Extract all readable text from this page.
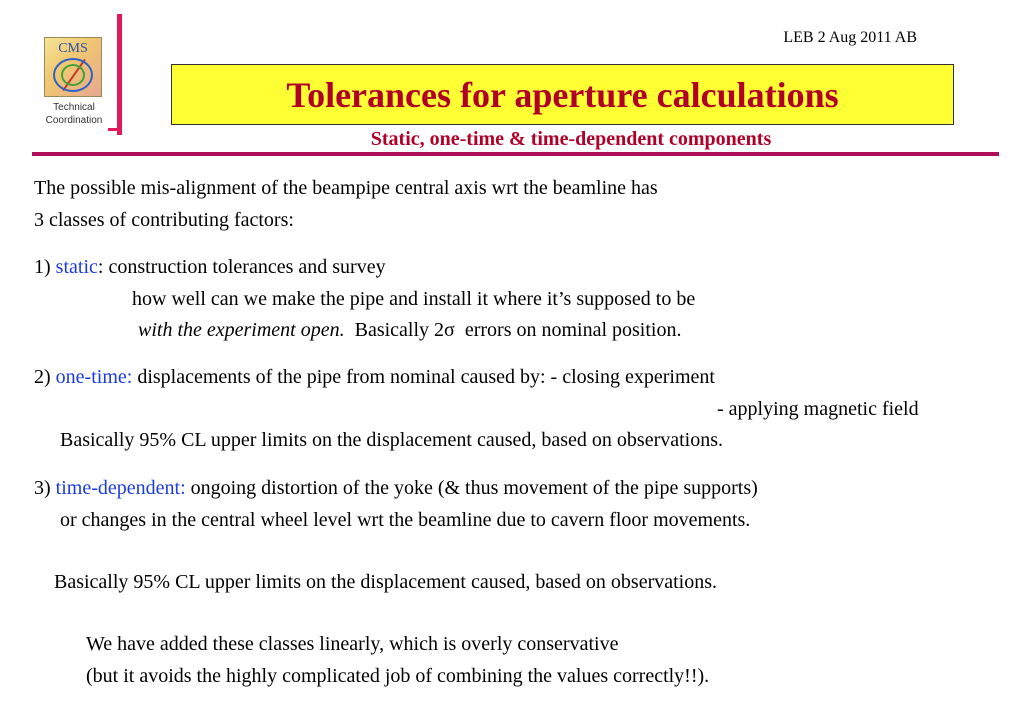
CMS
Technical
Coordination
LEB 2 Aug 2011 AB
Tolerances for aperture calculations
Static, one-time & time-dependent components
The possible mis-alignment of the beampipe central axis wrt the beamline has
3 classes of contributing factors:
1) static: construction tolerances and survey
how well can we make the pipe and install it where it’s supposed to be
with the experiment open.  Basically 2σ  errors on nominal position.
2) one-time: displacements of the pipe from nominal caused by: - closing experiment
- applying magnetic field
Basically 95% CL upper limits on the displacement caused, based on observations.
3) time-dependent: ongoing distortion of the yoke (& thus movement of the pipe supports)
or changes in the central wheel level wrt the beamline due to cavern floor movements.
Basically 95% CL upper limits on the displacement caused, based on observations.
We have added these classes linearly, which is overly conservative
(but it avoids the highly complicated job of combining the values correctly!!).
